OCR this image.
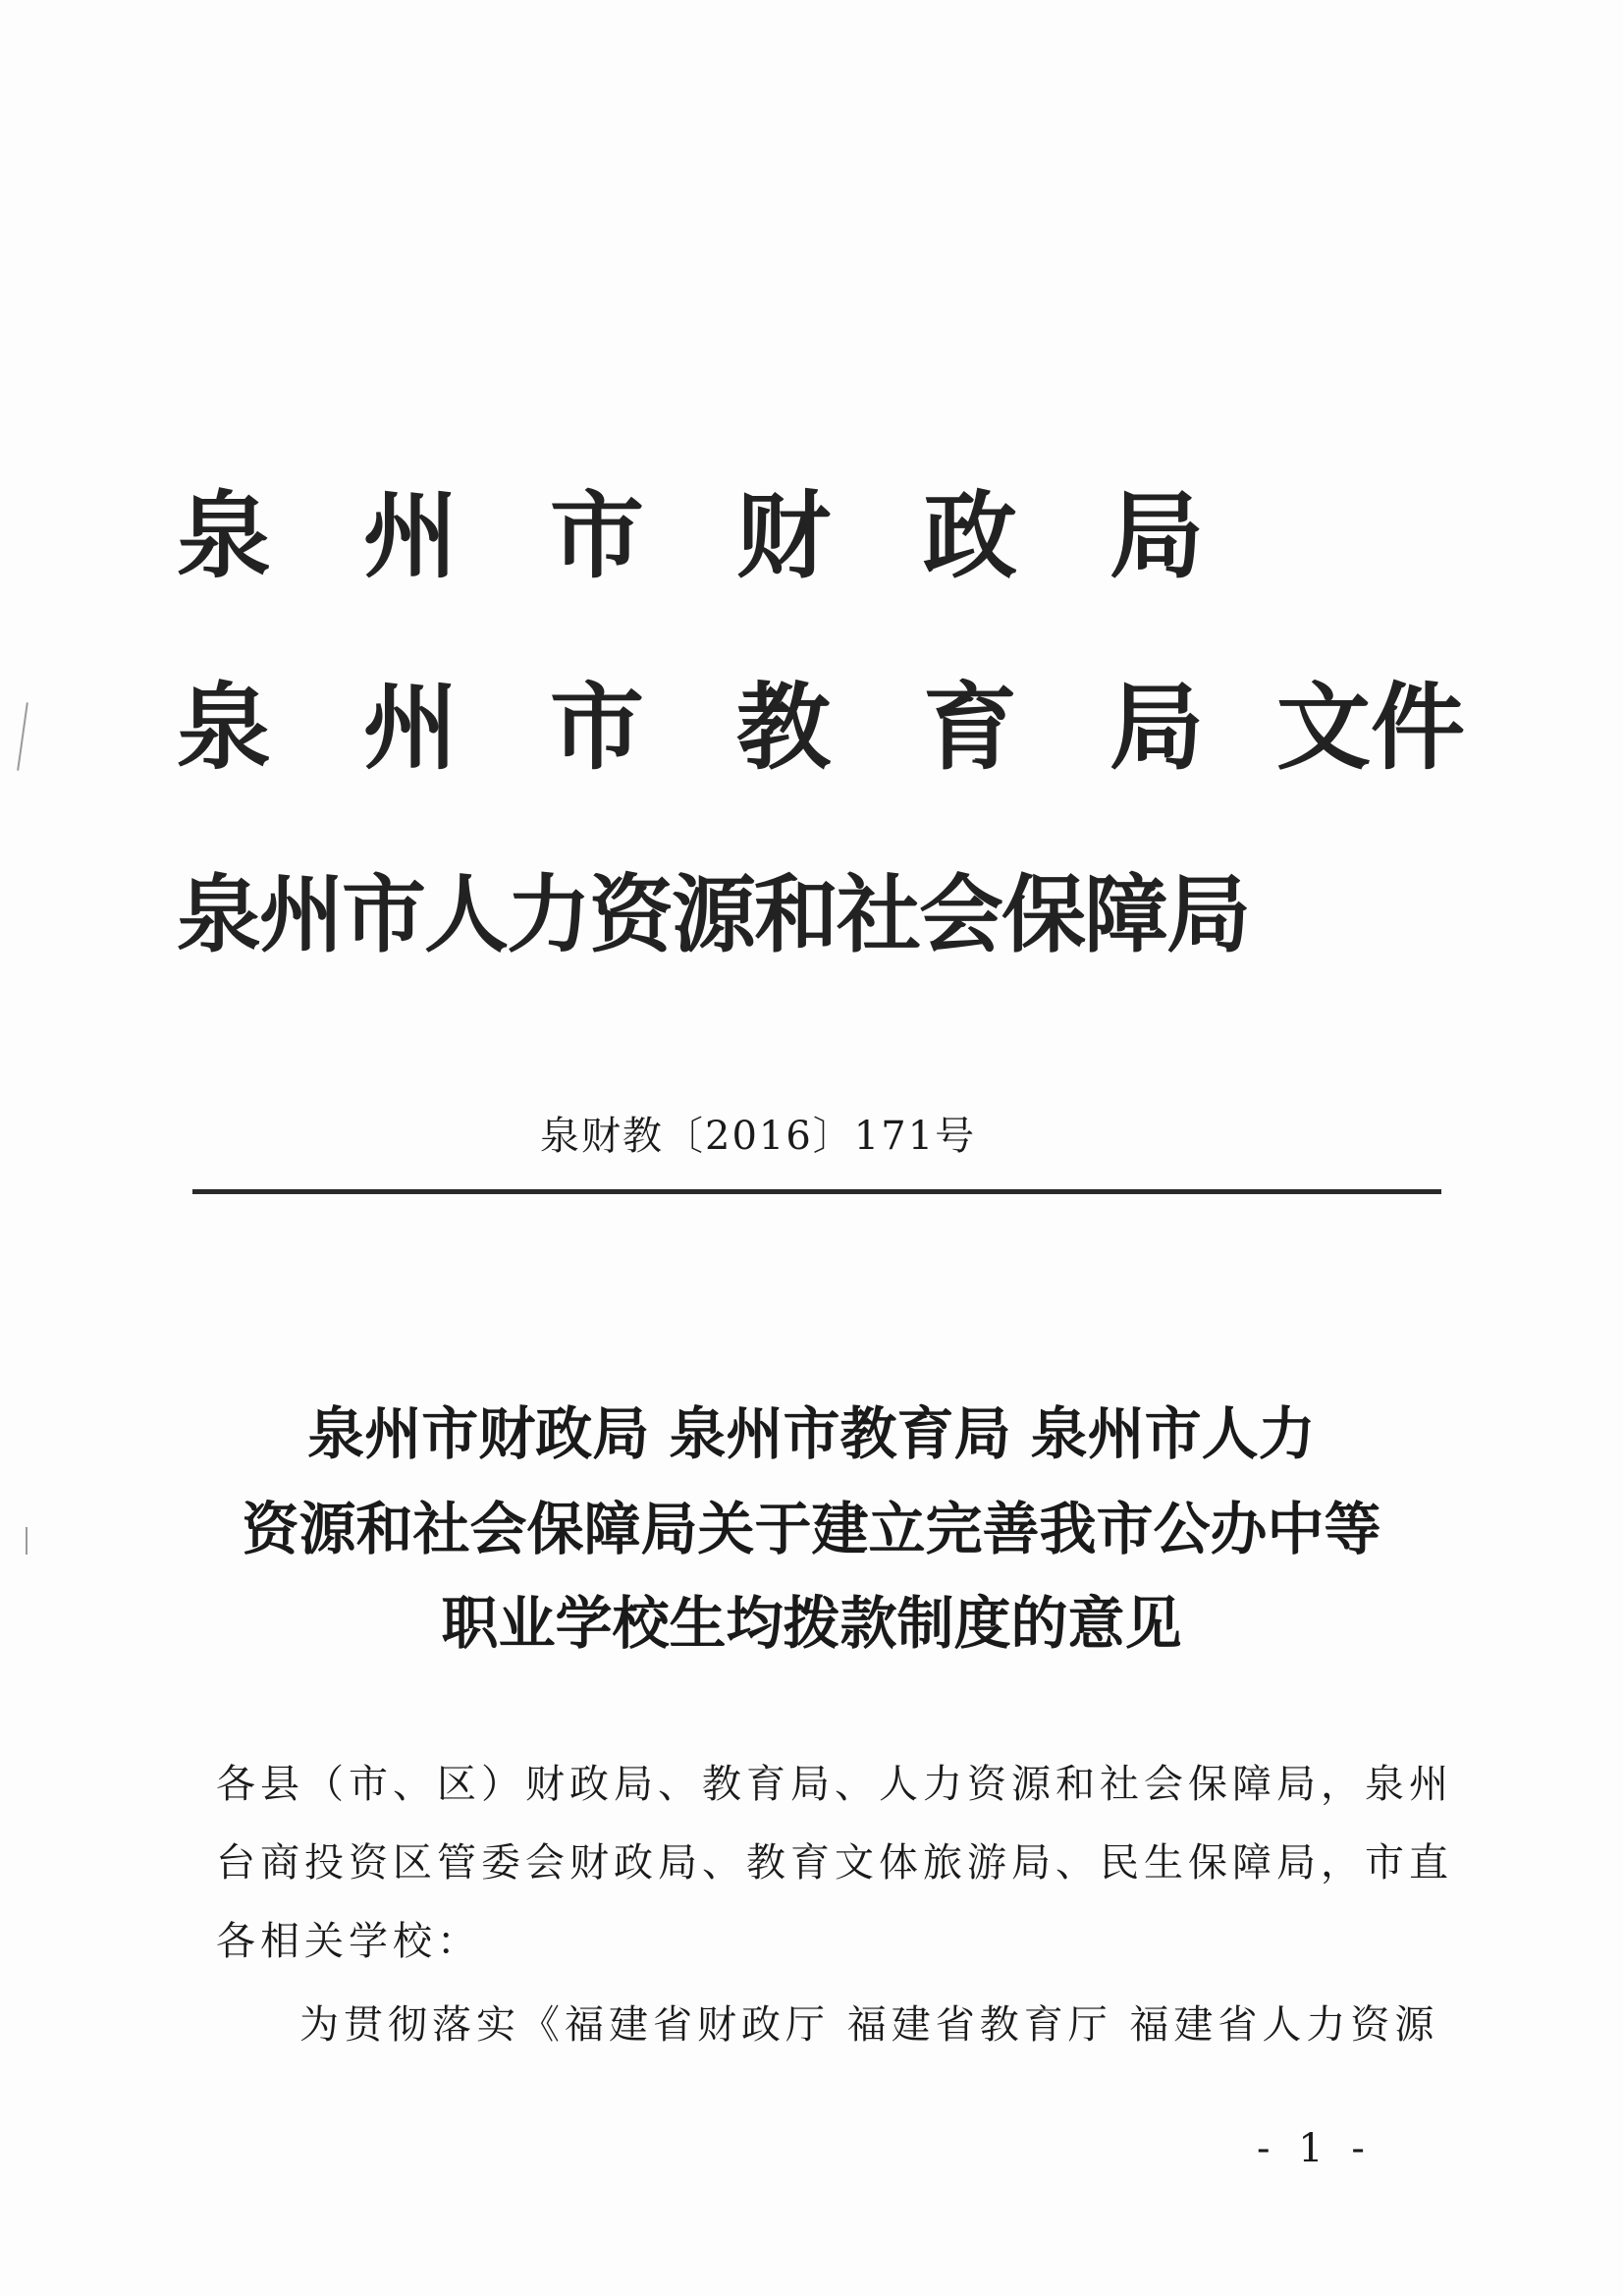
泉 州 市 财 政 局
泉 州 市 教 育 局 文 件
泉州市人力资源和社会保障局
泉财教〔2016〕171号
泉州市财政局 泉州市教育局 泉州市人力
资源和社会保障局关于建立完善我市公办中等
职业学校生均拨款制度的意见
各县（市、区）财政局、教育局、人力资源和社会保障局，泉州
台商投资区管委会财政局、教育文体旅游局、民生保障局，市直
各相关学校：
为贯彻落实《福建省财政厅 福建省教育厅 福建省人力资源
- 1 -
